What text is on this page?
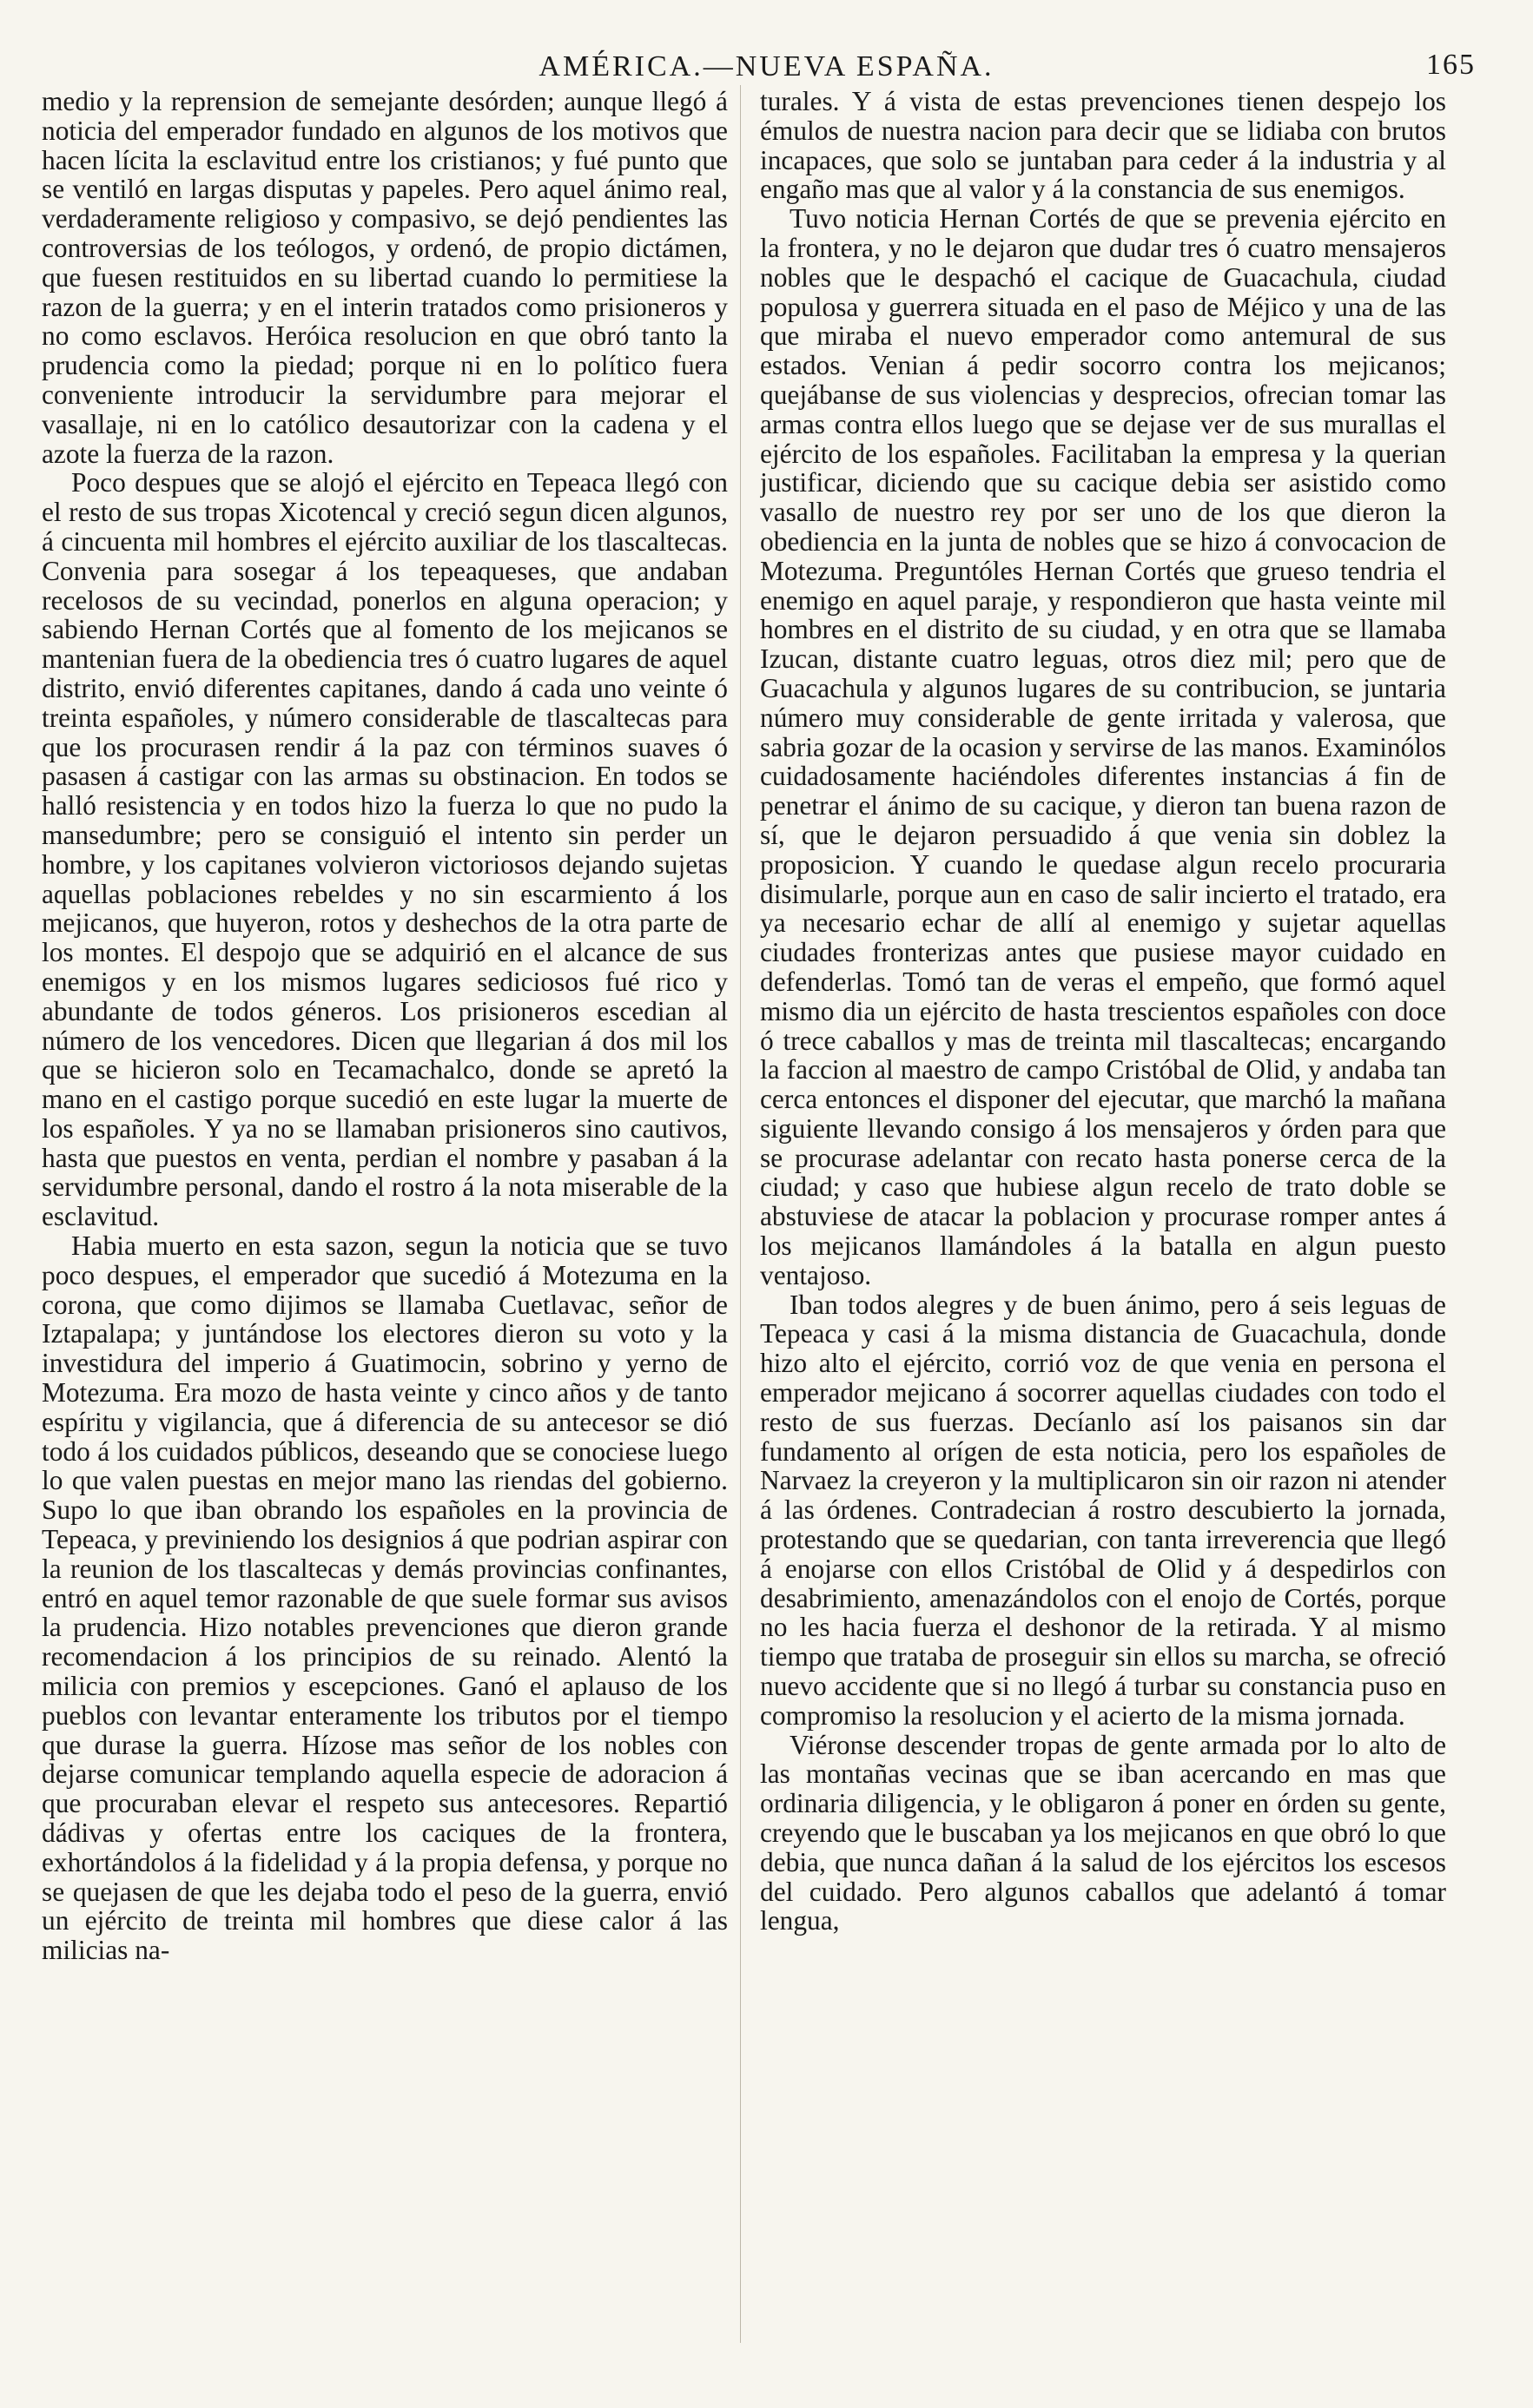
AMÉRICA.—NUEVA ESPAÑA.	165

medio y la reprension de semejante desórden; aunque llegó á noticia del emperador fundado en algunos de los motivos que hacen lícita la esclavitud entre los cristianos; y fué punto que se ventiló en largas disputas y papeles. Pero aquel ánimo real, verdaderamente religioso y compasivo, se dejó pendientes las controversias de los teólogos, y ordenó, de propio dictámen, que fuesen restituidos en su libertad cuando lo permitiese la razon de la guerra; y en el interin tratados como prisioneros y no como esclavos. Heróica resolucion en que obró tanto la prudencia como la piedad; porque ni en lo político fuera conveniente introducir la servidumbre para mejorar el vasallaje, ni en lo católico desautorizar con la cadena y el azote la fuerza de la razon.

Poco despues que se alojó el ejército en Tepeaca llegó con el resto de sus tropas Xicotencal y creció segun dicen algunos, á cincuenta mil hombres el ejército auxiliar de los tlascaltecas. Convenia para sosegar á los tepeaqueses, que andaban recelosos de su vecindad, ponerlos en alguna operacion; y sabiendo Hernan Cortés que al fomento de los mejicanos se mantenian fuera de la obediencia tres ó cuatro lugares de aquel distrito, envió diferentes capitanes, dando á cada uno veinte ó treinta españoles, y número considerable de tlascaltecas para que los procurasen rendir á la paz con términos suaves ó pasasen á castigar con las armas su obstinacion. En todos se halló resistencia y en todos hizo la fuerza lo que no pudo la mansedumbre; pero se consiguió el intento sin perder un hombre, y los capitanes volvieron victoriosos dejando sujetas aquellas poblaciones rebeldes y no sin escarmiento á los mejicanos, que huyeron, rotos y deshechos de la otra parte de los montes. El despojo que se adquirió en el alcance de sus enemigos y en los mismos lugares sediciosos fué rico y abundante de todos géneros. Los prisioneros escedian al número de los vencedores. Dicen que llegarian á dos mil los que se hicieron solo en Tecamachalco, donde se apretó la mano en el castigo porque sucedió en este lugar la muerte de los españoles. Y ya no se llamaban prisioneros sino cautivos, hasta que puestos en venta, perdian el nombre y pasaban á la servidumbre personal, dando el rostro á la nota miserable de la esclavitud.

Habia muerto en esta sazon, segun la noticia que se tuvo poco despues, el emperador que sucedió á Motezuma en la corona, que como dijimos se llamaba Cuetlavac, señor de Iztapalapa; y juntándose los electores dieron su voto y la investidura del imperio á Guatimocin, sobrino y yerno de Motezuma. Era mozo de hasta veinte y cinco años y de tanto espíritu y vigilancia, que á diferencia de su antecesor se dió todo á los cuidados públicos, deseando que se conociese luego lo que valen puestas en mejor mano las riendas del gobierno. Supo lo que iban obrando los españoles en la provincia de Tepeaca, y previniendo los designios á que podrian aspirar con la reunion de los tlascaltecas y demás provincias confinantes, entró en aquel temor razonable de que suele formar sus avisos la prudencia. Hizo notables prevenciones que dieron grande recomendacion á los principios de su reinado. Alentó la milicia con premios y escepciones. Ganó el aplauso de los pueblos con levantar enteramente los tributos por el tiempo que durase la guerra. Hízose mas señor de los nobles con dejarse comunicar templando aquella especie de adoracion á que procuraban elevar el respeto sus antecesores. Repartió dádivas y ofertas entre los caciques de la frontera, exhortándolos á la fidelidad y á la propia defensa, y porque no se quejasen de que les dejaba todo el peso de la guerra, envió un ejército de treinta mil hombres que diese calor á las milicias na-

turales. Y á vista de estas prevenciones tienen despejo los émulos de nuestra nacion para decir que se lidiaba con brutos incapaces, que solo se juntaban para ceder á la industria y al engaño mas que al valor y á la constancia de sus enemigos.

Tuvo noticia Hernan Cortés de que se prevenia ejército en la frontera, y no le dejaron que dudar tres ó cuatro mensajeros nobles que le despachó el cacique de Guacachula, ciudad populosa y guerrera situada en el paso de Méjico y una de las que miraba el nuevo emperador como antemural de sus estados. Venian á pedir socorro contra los mejicanos; quejábanse de sus violencias y desprecios, ofrecian tomar las armas contra ellos luego que se dejase ver de sus murallas el ejército de los españoles. Facilitaban la empresa y la querian justificar, diciendo que su cacique debia ser asistido como vasallo de nuestro rey por ser uno de los que dieron la obediencia en la junta de nobles que se hizo á convocacion de Motezuma. Preguntóles Hernan Cortés que grueso tendria el enemigo en aquel paraje, y respondieron que hasta veinte mil hombres en el distrito de su ciudad, y en otra que se llamaba Izucan, distante cuatro leguas, otros diez mil; pero que de Guacachula y algunos lugares de su contribucion, se juntaria número muy considerable de gente irritada y valerosa, que sabria gozar de la ocasion y servirse de las manos. Examinólos cuidadosamente haciéndoles diferentes instancias á fin de penetrar el ánimo de su cacique, y dieron tan buena razon de sí, que le dejaron persuadido á que venia sin doblez la proposicion. Y cuando le quedase algun recelo procuraria disimularle, porque aun en caso de salir incierto el tratado, era ya necesario echar de allí al enemigo y sujetar aquellas ciudades fronterizas antes que pusiese mayor cuidado en defenderlas. Tomó tan de veras el empeño, que formó aquel mismo dia un ejército de hasta trescientos españoles con doce ó trece caballos y mas de treinta mil tlascaltecas; encargando la faccion al maestro de campo Cristóbal de Olid, y andaba tan cerca entonces el disponer del ejecutar, que marchó la mañana siguiente llevando consigo á los mensajeros y órden para que se procurase adelantar con recato hasta ponerse cerca de la ciudad; y caso que hubiese algun recelo de trato doble se abstuviese de atacar la poblacion y procurase romper antes á los mejicanos llamándoles á la batalla en algun puesto ventajoso.

Iban todos alegres y de buen ánimo, pero á seis leguas de Tepeaca y casi á la misma distancia de Guacachula, donde hizo alto el ejército, corrió voz de que venia en persona el emperador mejicano á socorrer aquellas ciudades con todo el resto de sus fuerzas. Decíanlo así los paisanos sin dar fundamento al orígen de esta noticia, pero los españoles de Narvaez la creyeron y la multiplicaron sin oir razon ni atender á las órdenes. Contradecian á rostro descubierto la jornada, protestando que se quedarian, con tanta irreverencia que llegó á enojarse con ellos Cristóbal de Olid y á despedirlos con desabrimiento, amenazándolos con el enojo de Cortés, porque no les hacia fuerza el deshonor de la retirada. Y al mismo tiempo que trataba de proseguir sin ellos su marcha, se ofreció nuevo accidente que si no llegó á turbar su constancia puso en compromiso la resolucion y el acierto de la misma jornada.

Viéronse descender tropas de gente armada por lo alto de las montañas vecinas que se iban acercando en mas que ordinaria diligencia, y le obligaron á poner en órden su gente, creyendo que le buscaban ya los mejicanos en que obró lo que debia, que nunca dañan á la salud de los ejércitos los escesos del cuidado. Pero algunos caballos que adelantó á tomar lengua,
